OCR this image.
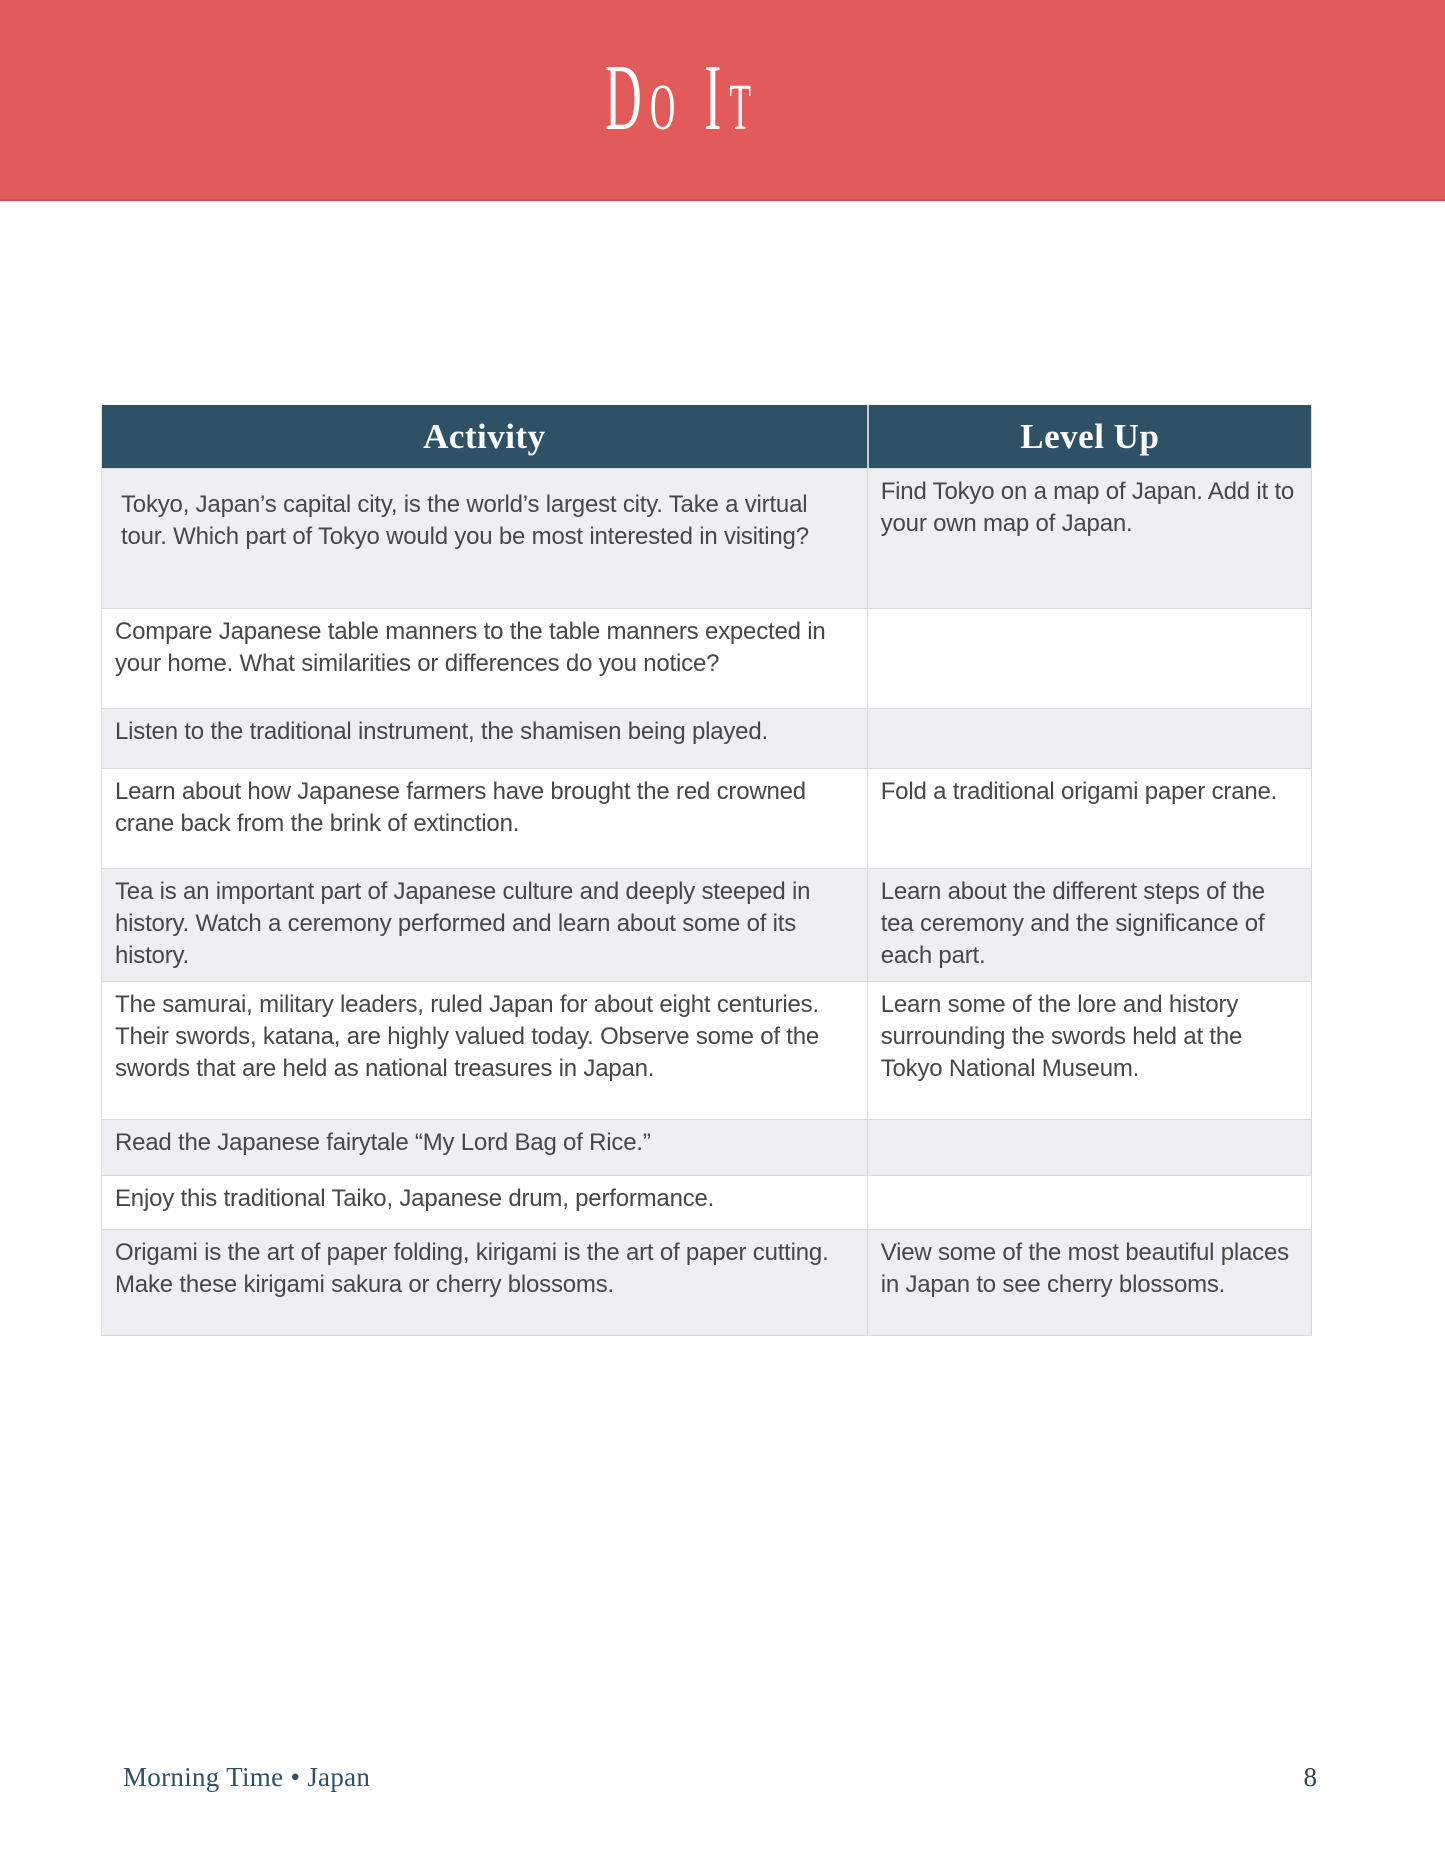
Do It
Activity	Level Up
Tokyo, Japan’s capital city, is the world’s largest city. Take a virtual tour. Which part of Tokyo would you be most interested in visiting?
Find Tokyo on a map of Japan. Add it to your own map of Japan.
Compare Japanese table manners to the table manners expected in your home. What similarities or differences do you notice?
Listen to the traditional instrument, the shamisen being played.
Learn about how Japanese farmers have brought the red crowned crane back from the brink of extinction.
Fold a traditional origami paper crane.
Tea is an important part of Japanese culture and deeply steeped in history. Watch a ceremony performed and learn about some of its history.
Learn about the different steps of the tea ceremony and the significance of each part.
The samurai, military leaders, ruled Japan for about eight centuries. Their swords, katana, are highly valued today. Observe some of the swords that are held as national treasures in Japan.
Learn some of the lore and history surrounding the swords held at the Tokyo National Museum.
Read the Japanese fairytale “My Lord Bag of Rice.”
Enjoy this traditional Taiko, Japanese drum, performance.
Origami is the art of paper folding, kirigami is the art of paper cutting. Make these kirigami sakura or cherry blossoms.
View some of the most beautiful places in Japan to see cherry blossoms.
Morning Time • Japan	8
